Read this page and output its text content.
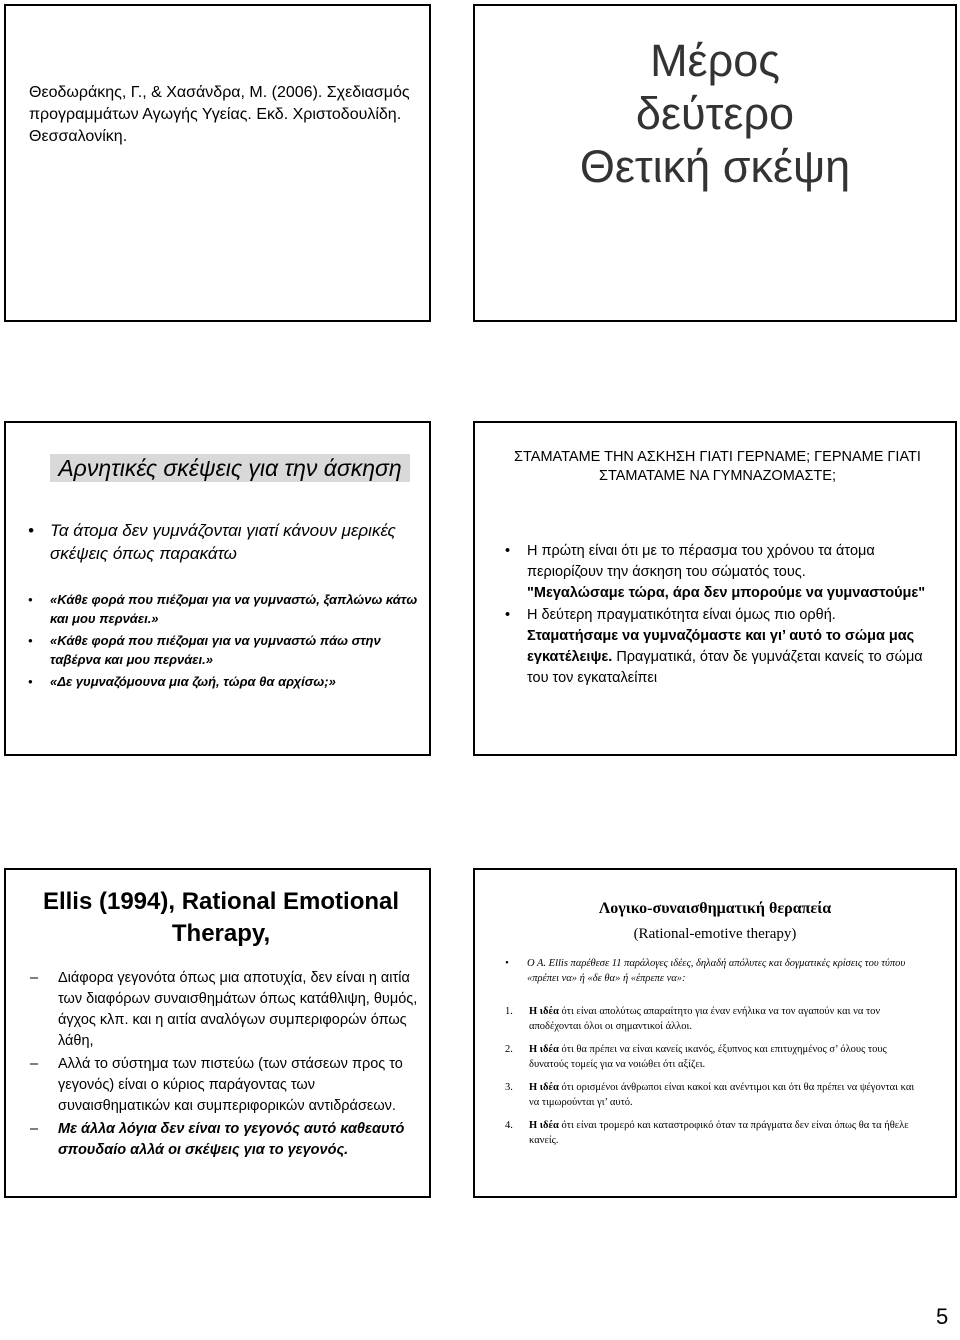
Θεοδωράκης, Γ., & Χασάνδρα, Μ. (2006). Σχεδιασμός προγραμμάτων Αγωγής Υγείας. Εκδ. Χριστοδουλίδη. Θεσσαλονίκη.
Μέρος
δεύτερο
Θετική σκέψη
Αρνητικές σκέψεις για την άσκηση
• Τα άτομα δεν γυμνάζονται γιατί κάνουν μερικές σκέψεις όπως παρακάτω
•	«Κάθε φορά που πιέζομαι για να γυμναστώ, ξαπλώνω κάτω και μου περνάει.»
•	«Κάθε φορά που πιέζομαι για να γυμναστώ πάω στην ταβέρνα και μου περνάει.»
•	«Δε γυμναζόμουνα μια ζωή, τώρα θα αρχίσω;»
ΣΤΑΜΑΤΑΜΕ ΤΗΝ ΑΣΚΗΣΗ ΓΙΑΤΙ ΓΕΡΝΑΜΕ; ΓΕΡΝΑΜΕ ΓΙΑΤΙ ΣΤΑΜΑΤΑΜΕ ΝΑ ΓΥΜΝΑΖΟΜΑΣΤΕ;
•	Η πρώτη είναι ότι με το πέρασμα του χρόνου τα άτομα περιορίζουν την άσκηση του σώματός τους.
"Μεγαλώσαμε τώρα, άρα δεν μπορούμε να γυμναστούμε"
•	Η δεύτερη πραγματικότητα είναι όμως πιο ορθή.
Σταματήσαμε να γυμναζόμαστε και γι’ αυτό το σώμα μας εγκατέλειψε. Πραγματικά, όταν δε γυμνάζεται κανείς το σώμα του τον εγκαταλείπει
Ellis (1994), Rational Emotional Therapy,
–	Διάφορα γεγονότα όπως μια αποτυχία, δεν είναι η αιτία των διαφόρων συναισθημάτων όπως κατάθλιψη, θυμός, άγχος κλπ. και η αιτία αναλόγων συμπεριφορών όπως λάθη,
–	Αλλά το σύστημα των πιστεύω (των στάσεων προς το γεγονός) είναι ο κύριος παράγοντας των συναισθηματικών και συμπεριφορικών αντιδράσεων.
–	Με άλλα λόγια δεν είναι το γεγονός αυτό καθεαυτό σπουδαίο αλλά οι σκέψεις για το γεγονός.
Λογικο-συναισθηματική θεραπεία
(Rational-emotive therapy)
•	Ο Α. Ellis παρέθεσε 11 παράλογες ιδέες, δηλαδή απόλυτες και δογματικές κρίσεις του τύπου «πρέπει να» ή «δε θα» ή «έπρεπε να»:
1.	Η ιδέα ότι είναι απολύτως απαραίτητο για έναν ενήλικα να τον αγαπούν και να τον αποδέχονται όλοι οι σημαντικοί άλλοι.
2.	Η ιδέα ότι θα πρέπει να είναι κανείς ικανός, έξυπνος και επιτυχημένος σ’ όλους τους δυνατούς τομείς για να νοιώθει ότι αξίζει.
3.	Η ιδέα ότι ορισμένοι άνθρωποι είναι κακοί και ανέντιμοι και ότι θα πρέπει να ψέγονται και να τιμωρούνται γι’ αυτό.
4.	Η ιδέα ότι είναι τρομερό και καταστροφικό όταν τα πράγματα δεν είναι όπως θα τα ήθελε κανείς.
5
